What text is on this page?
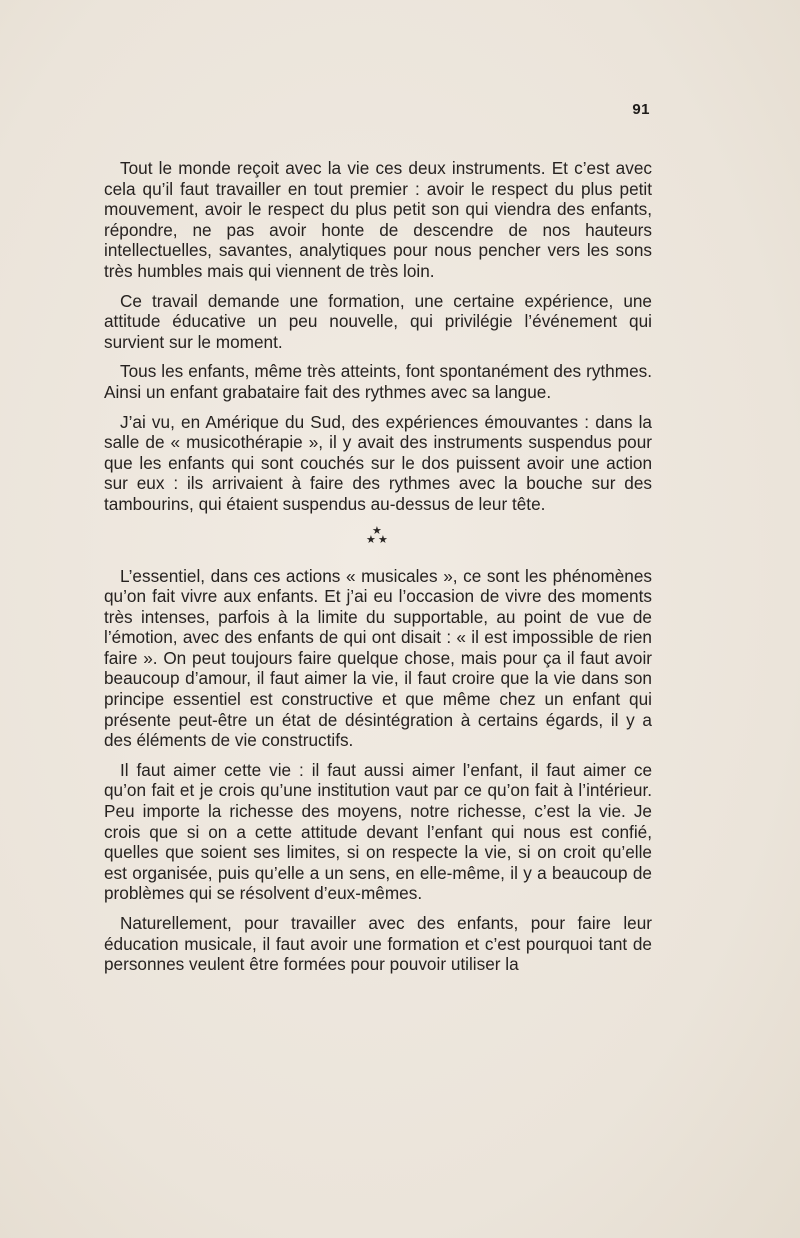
91

Tout le monde reçoit avec la vie ces deux instruments. Et c’est avec cela qu’il faut travailler en tout premier : avoir le respect du plus petit mouvement, avoir le respect du plus petit son qui viendra des enfants, répondre, ne pas avoir honte de descendre de nos hauteurs intellectuelles, savantes, analytiques pour nous pencher vers les sons très humbles mais qui viennent de très loin.

Ce travail demande une formation, une certaine expérience, une attitude éducative un peu nouvelle, qui privilégie l’événement qui survient sur le moment.

Tous les enfants, même très atteints, font spontanément des rythmes. Ainsi un enfant grabataire fait des rythmes avec sa langue.

J’ai vu, en Amérique du Sud, des expériences émouvantes : dans la salle de « musicothérapie », il y avait des instruments suspendus pour que les enfants qui sont couchés sur le dos puissent avoir une action sur eux : ils arrivaient à faire des rythmes avec la bouche sur des tambourins, qui étaient suspendus au-dessus de leur tête.

★
★ ★

L’essentiel, dans ces actions « musicales », ce sont les phénomènes qu’on fait vivre aux enfants. Et j’ai eu l’occasion de vivre des moments très intenses, parfois à la limite du supportable, au point de vue de l’émotion, avec des enfants de qui ont disait : « il est impossible de rien faire ». On peut toujours faire quelque chose, mais pour ça il faut avoir beaucoup d’amour, il faut aimer la vie, il faut croire que la vie dans son principe essentiel est constructive et que même chez un enfant qui présente peut-être un état de désintégration à certains égards, il y a des éléments de vie constructifs.

Il faut aimer cette vie : il faut aussi aimer l’enfant, il faut aimer ce qu’on fait et je crois qu’une institution vaut par ce qu’on fait à l’intérieur. Peu importe la richesse des moyens, notre richesse, c’est la vie. Je crois que si on a cette attitude devant l’enfant qui nous est confié, quelles que soient ses limites, si on respecte la vie, si on croit qu’elle est organisée, puis qu’elle a un sens, en elle-même, il y a beaucoup de problèmes qui se résolvent d’eux-mêmes.

Naturellement, pour travailler avec des enfants, pour faire leur éducation musicale, il faut avoir une formation et c’est pourquoi tant de personnes veulent être formées pour pouvoir utiliser la
